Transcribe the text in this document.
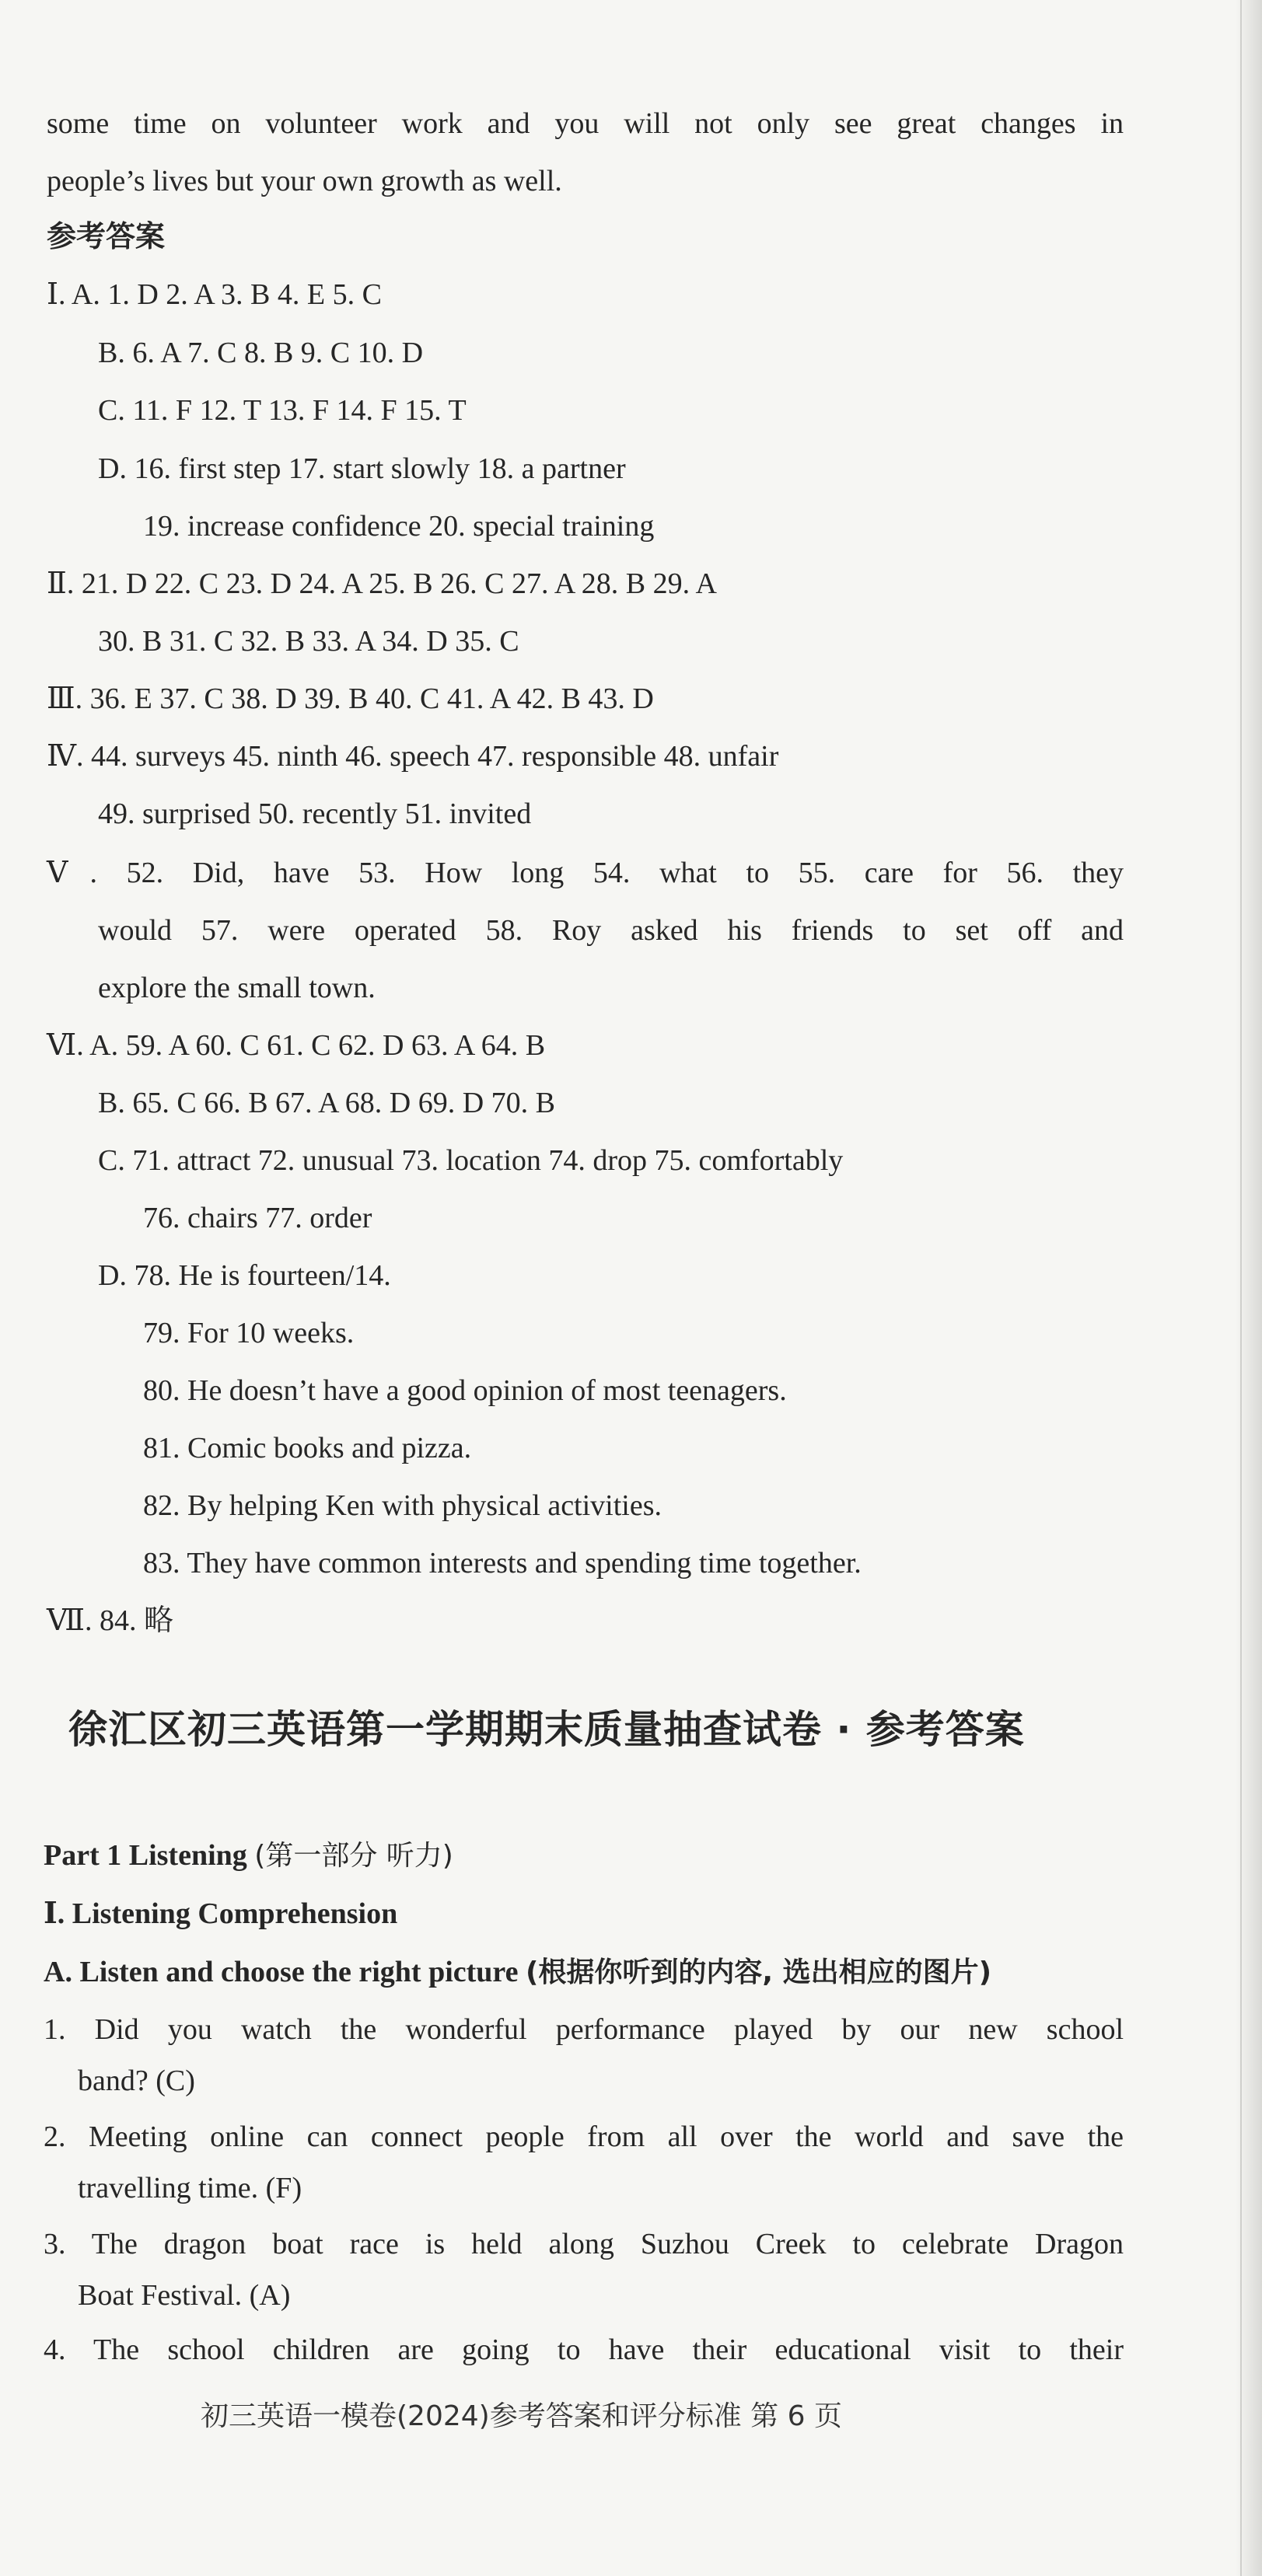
some time on volunteer work and you will not only see great changes in
people’s lives but your own growth as well.
参考答案
Ⅰ. A. 1. D 2. A 3. B 4. E 5. C
B. 6. A 7. C 8. B 9. C 10. D
C. 11. F 12. T 13. F 14. F 15. T
D. 16. first step 17. start slowly 18. a partner
19. increase confidence 20. special training
Ⅱ. 21. D 22. C 23. D 24. A 25. B 26. C 27. A 28. B 29. A
30. B 31. C 32. B 33. A 34. D 35. C
Ⅲ. 36. E 37. C 38. D 39. B 40. C 41. A 42. B 43. D
Ⅳ. 44. surveys 45. ninth 46. speech 47. responsible 48. unfair
49. surprised 50. recently 51. invited
Ⅴ. 52. Did, have 53. How long 54. what to 55. care for 56. they
would 57. were operated 58. Roy asked his friends to set off and
explore the small town.
Ⅵ. A. 59. A 60. C 61. C 62. D 63. A 64. B
B. 65. C 66. B 67. A 68. D 69. D 70. B
C. 71. attract 72. unusual 73. location 74. drop 75. comfortably
76. chairs 77. order
D. 78. He is fourteen/14.
79. For 10 weeks.
80. He doesn’t have a good opinion of most teenagers.
81. Comic books and pizza.
82. By helping Ken with physical activities.
83. They have common interests and spending time together.
Ⅶ. 84. 略
徐汇区初三英语第一学期期末质量抽查试卷 · 参考答案
Part 1 Listening (第一部分 听力)
Ⅰ. Listening Comprehension
A. Listen and choose the right picture (根据你听到的内容, 选出相应的图片)
1. Did you watch the wonderful performance played by our new school
band? (C)
2. Meeting online can connect people from all over the world and save the
travelling time. (F)
3. The dragon boat race is held along Suzhou Creek to celebrate Dragon
Boat Festival. (A)
4. The school children are going to have their educational visit to their
初三英语一模卷(2024)参考答案和评分标准 第 6 页
